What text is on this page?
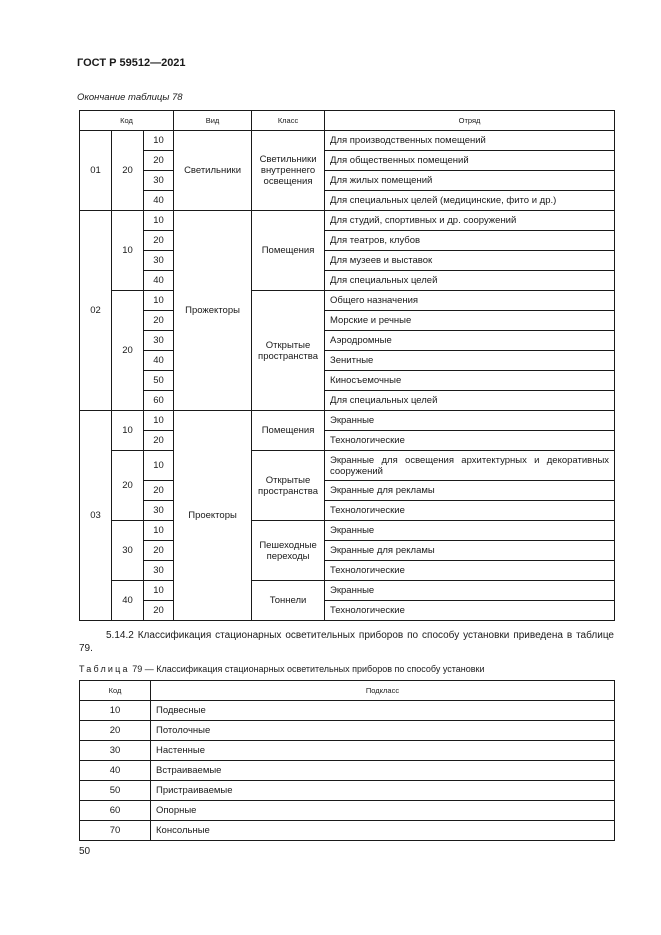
ГОСТ Р 59512—2021
Окончание таблицы 78
Код			Вид	Класс	Отряд
01	20	10	Светильники	Светильники внутреннего освещения	Для производственных помещений
		20			Для общественных помещений
		30			Для жилых помещений
		40			Для специальных целей (медицинские, фито и др.)
02	10	10	Прожекторы	Помещения	Для студий, спортивных и др. сооружений
		20			Для театров, клубов
		30			Для музеев и выставок
		40			Для специальных целей
	20	10		Открытые пространства	Общего назначения
		20			Морские и речные
		30			Аэродромные
		40			Зенитные
		50			Киносъемочные
		60			Для специальных целей
03	10	10	Проекторы	Помещения	Экранные
		20			Технологические
	20	10		Открытые пространства	Экранные для освещения архитектурных и декоративных сооружений
		20			Экранные для рекламы
		30			Технологические
	30	10		Пешеходные переходы	Экранные
		20			Экранные для рекламы
		30			Технологические
	40	10		Тоннели	Экранные
		20			Технологические
5.14.2 Классификация стационарных осветительных приборов по способу установки приведена в таблице 79.
Таблица 79 — Классификация стационарных осветительных приборов по способу установки
Код	Подкласс
10	Подвесные
20	Потолочные
30	Настенные
40	Встраиваемые
50	Пристраиваемые
60	Опорные
70	Консольные
50
